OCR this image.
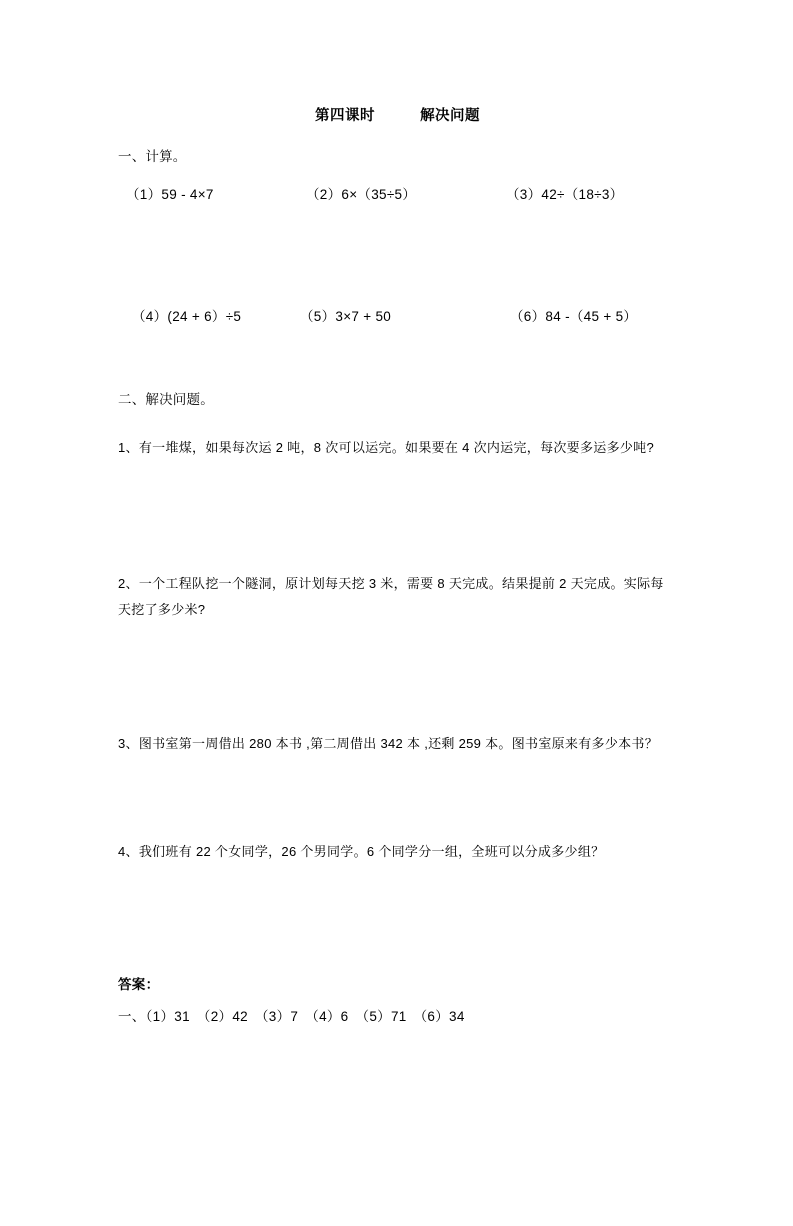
第四课时	解决问题
一、计算。
（1）59 - 4×7	（2）6×（35÷5）	（3）42÷（18÷3）
（4）(24 + 6）÷5	（5）3×7 + 50	（6）84 -（45 + 5）
二、解决问题。
1、有一堆煤，如果每次运 2 吨，8 次可以运完。如果要在 4 次内运完，每次要多运多少吨?
2、一个工程队挖一个隧洞，原计划每天挖 3 米，需要 8 天完成。结果提前 2 天完成。实际每天挖了多少米?
3、图书室第一周借出 280 本书 ,第二周借出 342 本 ,还剩 259 本。图书室原来有多少本书？
4、我们班有 22 个女同学，26 个男同学。6 个同学分一组，全班可以分成多少组？
答案：
一、（1）31　（2）42　（3）7　（4）6　（5）71　（6）34
